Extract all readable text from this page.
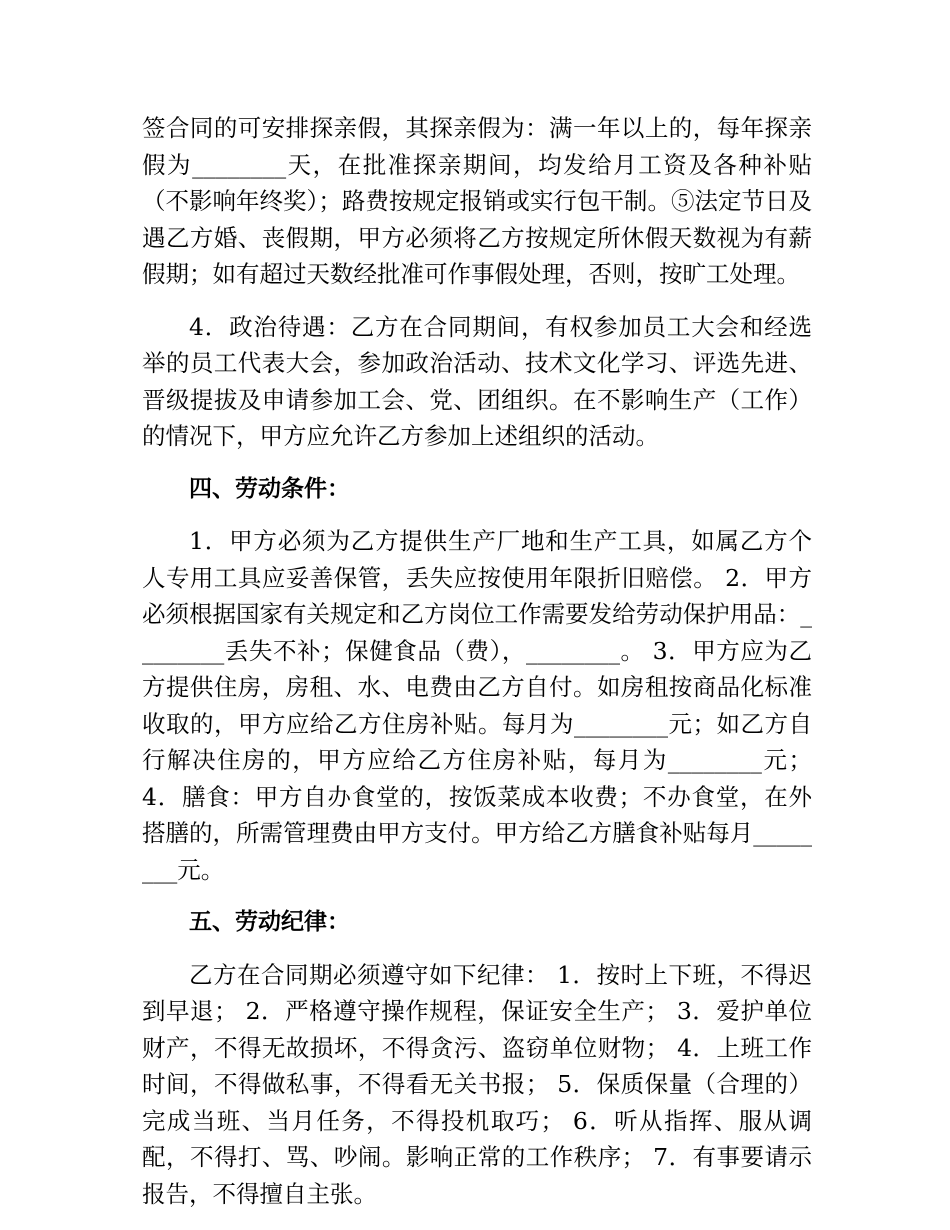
签合同的可安排探亲假，其探亲假为：满一年以上的，每年探亲假为________天，在批准探亲期间，均发给月工资及各种补贴（不影响年终奖）；路费按规定报销或实行包干制。⑤法定节日及遇乙方婚、丧假期，甲方必须将乙方按规定所休假天数视为有薪假期；如有超过天数经批准可作事假处理，否则，按旷工处理。

4．政治待遇：乙方在合同期间，有权参加员工大会和经选举的员工代表大会，参加政治活动、技术文化学习、评选先进、晋级提拔及申请参加工会、党、团组织。在不影响生产（工作）的情况下，甲方应允许乙方参加上述组织的活动。

四、劳动条件：

1．甲方必须为乙方提供生产厂地和生产工具，如属乙方个人专用工具应妥善保管，丢失应按使用年限折旧赔偿。 2．甲方必须根据国家有关规定和乙方岗位工作需要发给劳动保护用品：________丢失不补；保健食品（费），________。 3．甲方应为乙方提供住房，房租、水、电费由乙方自付。如房租按商品化标准收取的，甲方应给乙方住房补贴。每月为________元；如乙方自行解决住房的，甲方应给乙方住房补贴，每月为________元； 4．膳食：甲方自办食堂的，按饭菜成本收费；不办食堂，在外搭膳的，所需管理费由甲方支付。甲方给乙方膳食补贴每月________元。

五、劳动纪律：

乙方在合同期必须遵守如下纪律： 1．按时上下班，不得迟到早退； 2．严格遵守操作规程，保证安全生产； 3．爱护单位财产，不得无故损坏，不得贪污、盗窃单位财物； 4．上班工作时间，不得做私事，不得看无关书报； 5．保质保量（合理的）完成当班、当月任务，不得投机取巧； 6．听从指挥、服从调配，不得打、骂、吵闹。影响正常的工作秩序； 7．有事要请示报告，不得擅自主张。
